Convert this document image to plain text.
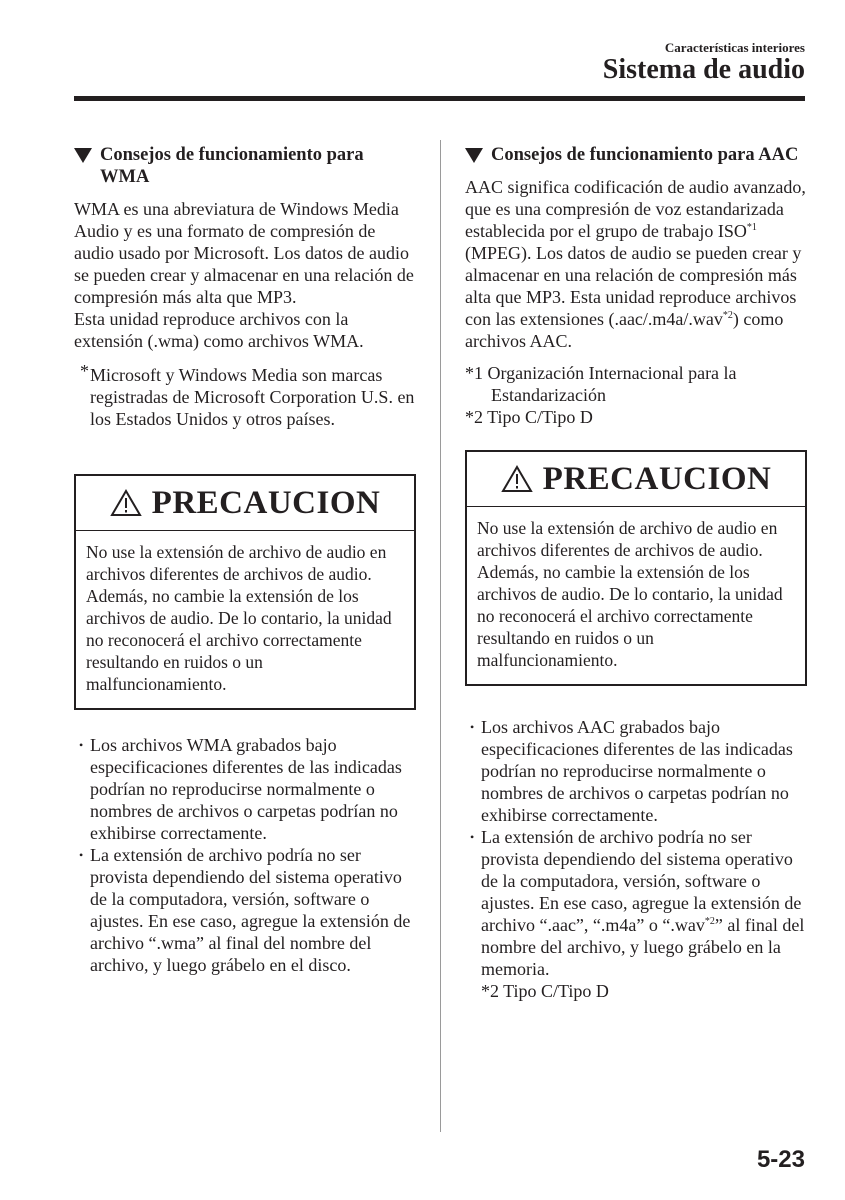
Características interiores
Sistema de audio
Consejos de funcionamiento para WMA

WMA es una abreviatura de Windows Media Audio y es una formato de compresión de audio usado por Microsoft. Los datos de audio se pueden crear y almacenar en una relación de compresión más alta que MP3.

Esta unidad reproduce archivos con la extensión (.wma) como archivos WMA.

* Microsoft y Windows Media son marcas registradas de Microsoft Corporation U.S. en los Estados Unidos y otros países.
PRECAUCION
No use la extensión de archivo de audio en archivos diferentes de archivos de audio. Además, no cambie la extensión de los archivos de audio. De lo contario, la unidad no reconocerá el archivo correctamente resultando en ruidos o un malfuncionamiento.
• Los archivos WMA grabados bajo especificaciones diferentes de las indicadas podrían no reproducirse normalmente o nombres de archivos o carpetas podrían no exhibirse correctamente.
• La extensión de archivo podría no ser provista dependiendo del sistema operativo de la computadora, versión, software o ajustes. En ese caso, agregue la extensión de archivo “.wma” al final del nombre del archivo, y luego grábelo en el disco.
Consejos de funcionamiento para AAC

AAC significa codificación de audio avanzado, que es una compresión de voz estandarizada establecida por el grupo de trabajo ISO$^{*1}$ (MPEG). Los datos de audio se pueden crear y almacenar en una relación de compresión más alta que MP3. Esta unidad reproduce archivos con las extensiones (.aac/.m4a/.wav$^{*2}$) como archivos AAC.

*1 Organización Internacional para la Estandarización

*2 Tipo C/Tipo D

PRECAUCION
No use la extensión de archivo de audio en archivos diferentes de archivos de audio. Además, no cambie la extensión de los archivos de audio. De lo contario, la unidad no reconocerá el archivo correctamente resultando en ruidos o un malfuncionamiento.
• Los archivos AAC grabados bajo especificaciones diferentes de las indicadas podrían no reproducirse normalmente o nombres de archivos o carpetas podrían no exhibirse correctamente.
• La extensión de archivo podría no ser provista dependiendo del sistema operativo de la computadora, versión, software o ajustes. En ese caso, agregue la extensión de archivo “.aac”, “.m4a” o “.wav$^{*2}$” al final del nombre del archivo, y luego grábelo en la memoria.
*2 Tipo C/Tipo D
5-23
